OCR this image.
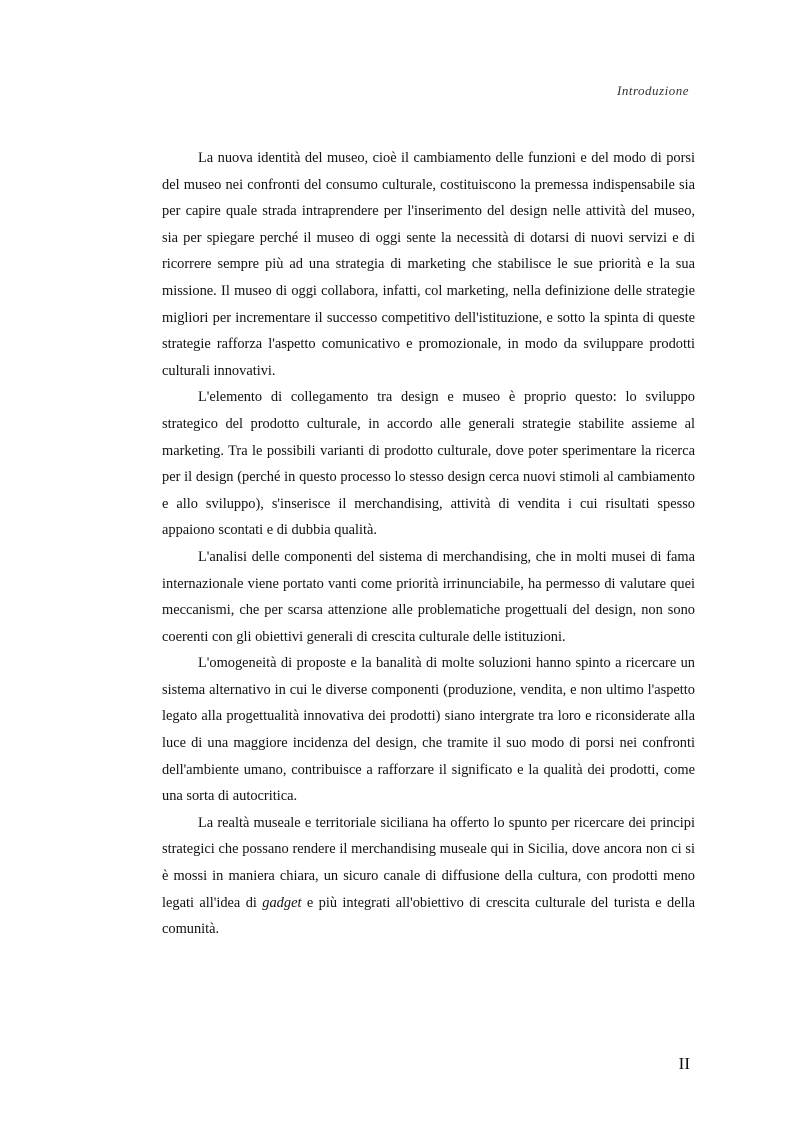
Introduzione

La nuova identità del museo, cioè il cambiamento delle funzioni e del modo di porsi del museo nei confronti del consumo culturale, costituiscono la premessa indispensabile sia per capire quale strada intraprendere per l'inserimento del design nelle attività del museo, sia per spiegare perché il museo di oggi sente la necessità di dotarsi di nuovi servizi e di ricorrere sempre più ad una strategia di marketing che stabilisce le sue priorità e la sua missione. Il museo di oggi collabora, infatti, col marketing, nella definizione delle strategie migliori per incrementare il successo competitivo dell'istituzione, e sotto la spinta di queste strategie rafforza l'aspetto comunicativo e promozionale, in modo da sviluppare prodotti culturali innovativi.

L'elemento di collegamento tra design e museo è proprio questo: lo sviluppo strategico del prodotto culturale, in accordo alle generali strategie stabilite assieme al marketing. Tra le possibili varianti di prodotto culturale, dove poter sperimentare la ricerca per il design (perché in questo processo lo stesso design cerca nuovi stimoli al cambiamento e allo sviluppo), s'inserisce il merchandising, attività di vendita i cui risultati spesso appaiono scontati e di dubbia qualità.

L'analisi delle componenti del sistema di merchandising, che in molti musei di fama internazionale viene portato vanti come priorità irrinunciabile, ha permesso di valutare quei meccanismi, che per scarsa attenzione alle problematiche progettuali del design, non sono coerenti con gli obiettivi generali di crescita culturale delle istituzioni.

L'omogeneità di proposte e la banalità di molte soluzioni hanno spinto a ricercare un sistema alternativo in cui le diverse componenti (produzione, vendita, e non ultimo l'aspetto legato alla progettualità innovativa dei prodotti) siano intergrate tra loro e riconsiderate alla luce di una maggiore incidenza del design, che tramite il suo modo di porsi nei confronti dell'ambiente umano, contribuisce a rafforzare il significato e la qualità dei prodotti, come una sorta di autocritica.

La realtà museale e territoriale siciliana ha offerto lo spunto per ricercare dei principi strategici che possano rendere il merchandising museale qui in Sicilia, dove ancora non ci si è mossi in maniera chiara, un sicuro canale di diffusione della cultura, con prodotti meno legati all'idea di gadget e più integrati all'obiettivo di crescita culturale del turista e della comunità.

II
